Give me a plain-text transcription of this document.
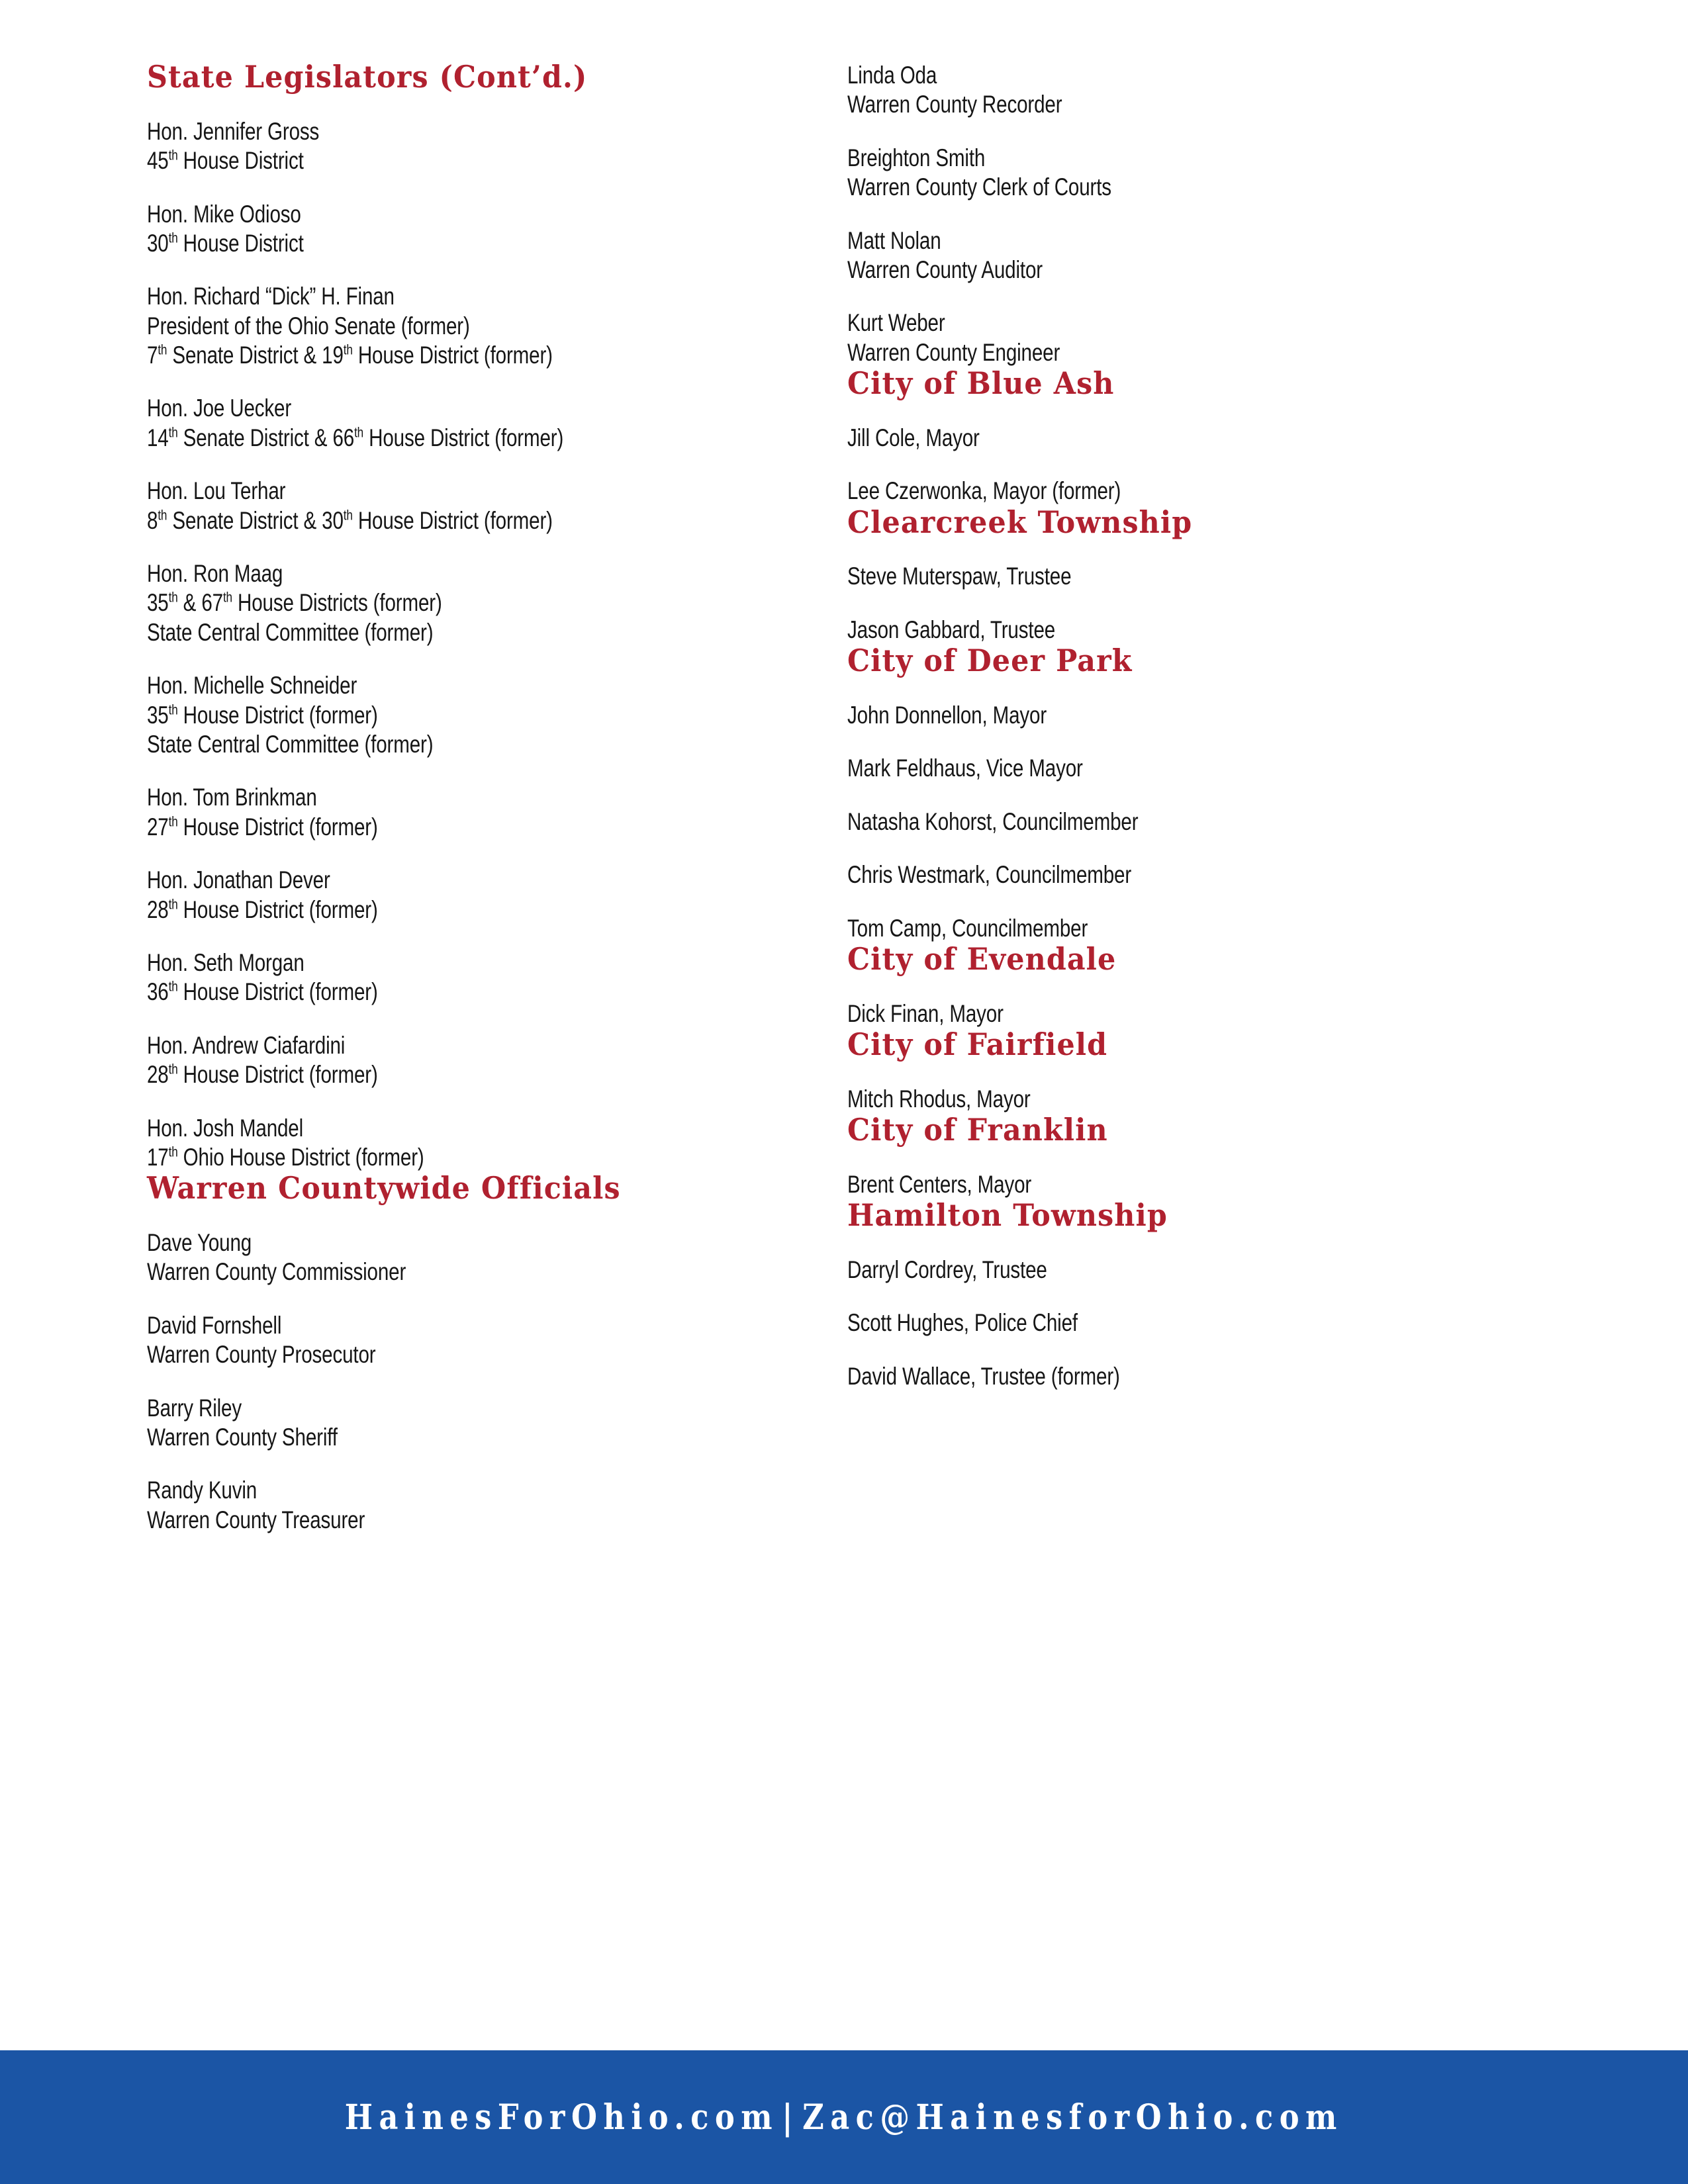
State Legislators (Cont’d.)
Hon. Jennifer Gross
45th House District
Hon. Mike Odioso
30th House District
Hon. Richard “Dick” H. Finan
President of the Ohio Senate (former)
7th Senate District & 19th House District (former)
Hon. Joe Uecker
14th Senate District & 66th House District (former)
Hon. Lou Terhar
8th Senate District & 30th House District (former)
Hon. Ron Maag
35th & 67th House Districts (former)
State Central Committee (former)
Hon. Michelle Schneider
35th House District (former)
State Central Committee (former)
Hon. Tom Brinkman
27th House District (former)
Hon. Jonathan Dever
28th House District (former)
Hon. Seth Morgan
36th House District (former)
Hon. Andrew Ciafardini
28th House District (former)
Hon. Josh Mandel
17th Ohio House District (former)
Warren Countywide Officials
Dave Young
Warren County Commissioner
David Fornshell
Warren County Prosecutor
Barry Riley
Warren County Sheriff
Randy Kuvin
Warren County Treasurer
Linda Oda
Warren County Recorder
Breighton Smith
Warren County Clerk of Courts
Matt Nolan
Warren County Auditor
Kurt Weber
Warren County Engineer
City of Blue Ash
Jill Cole, Mayor
Lee Czerwonka, Mayor (former)
Clearcreek Township
Steve Muterspaw, Trustee
Jason Gabbard, Trustee
City of Deer Park
John Donnellon, Mayor
Mark Feldhaus, Vice Mayor
Natasha Kohorst, Councilmember
Chris Westmark, Councilmember
Tom Camp, Councilmember
City of Evendale
Dick Finan, Mayor
City of Fairfield
Mitch Rhodus, Mayor
City of Franklin
Brent Centers, Mayor
Hamilton Township
Darryl Cordrey, Trustee
Scott Hughes, Police Chief
David Wallace, Trustee (former)
HainesForOhio.com | Zac@HainesforOhio.com
